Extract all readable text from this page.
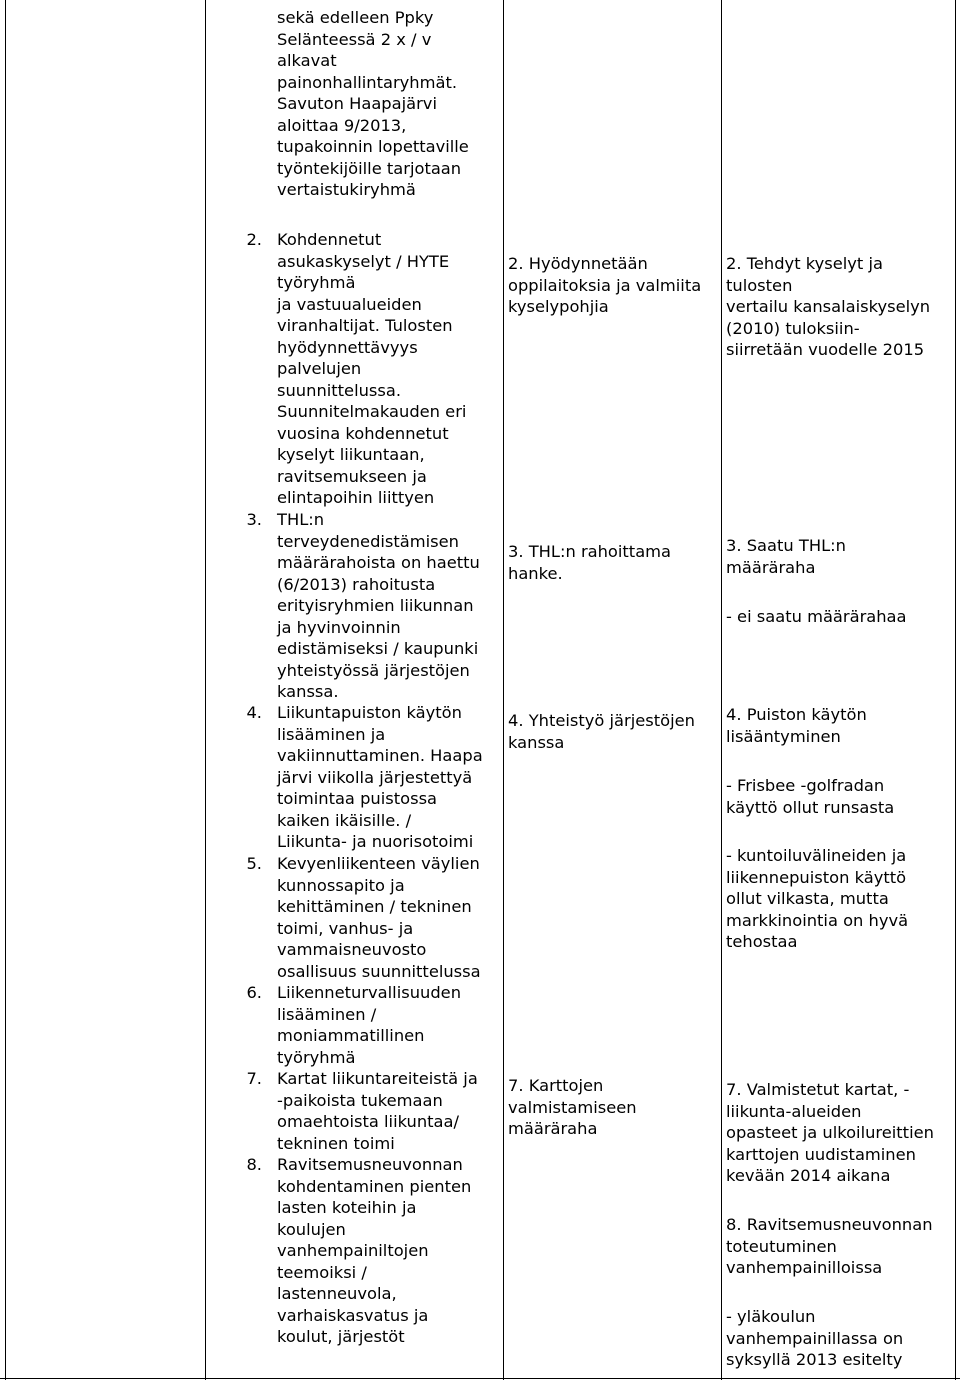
sekä edelleen Ppky
Selänteessä 2 x / v
alkavat
painonhallintaryhmät.
Savuton Haapajärvi
aloittaa 9/2013,
tupakoinnin lopettaville
työntekijöille tarjotaan
vertaistukiryhmä
2. Kohdennetut
asukaskyselyt / HYTE
työryhmä
ja vastuualueiden
viranhaltijat. Tulosten
hyödynnettävyys
palvelujen
suunnittelussa.
Suunnitelmakauden eri
vuosina kohdennetut
kyselyt liikuntaan,
ravitsemukseen ja
elintapoihin liittyen
3. THL:n
terveydenedistämisen
määrärahoista on haettu
(6/2013) rahoitusta
erityisryhmien liikunnan
ja hyvinvoinnin
edistämiseksi / kaupunki
yhteistyössä järjestöjen
kanssa.
4. Liikuntapuiston käytön
lisääminen ja
vakiinnuttaminen. Haapa
järvi viikolla järjestettyä
toimintaa puistossa
kaiken ikäisille. /
Liikunta- ja nuorisotoimi
5. Kevyenliikenteen väylien
kunnossapito ja
kehittäminen / tekninen
toimi, vanhus- ja
vammaisneuvosto
osallisuus suunnittelussa
6. Liikenneturvallisuuden
lisääminen /
moniammatillinen
työryhmä
7. Kartat liikuntareiteistä ja
-paikoista tukemaan
omaehtoista liikuntaa/
tekninen toimi
8. Ravitsemusneuvonnan
kohdentaminen pienten
lasten koteihin ja
koulujen
vanhempainiltojen
teemoiksi /
lastenneuvola,
varhaiskasvatus ja
koulut, järjestöt
2. Hyödynnetään
oppilaitoksia ja valmiita
kyselypohjia
3. THL:n rahoittama
hanke.
4. Yhteistyö järjestöjen
kanssa
7. Karttojen
valmistamiseen
määräraha
2. Tehdyt kyselyt ja
tulosten
vertailu kansalaiskyselyn
(2010) tuloksiin-
siirretään vuodelle 2015
3. Saatu THL:n
määräraha
- ei saatu määrärahaa
4. Puiston käytön
lisääntyminen
- Frisbee -golfradan
käyttö ollut runsasta
- kuntoiluvälineiden ja
liikennepuiston käyttö
ollut vilkasta, mutta
markkinointia on hyvä
tehostaa
7. Valmistetut kartat, -
liikunta-alueiden
opasteet ja ulkoilureittien
karttojen uudistaminen
kevään 2014 aikana
8. Ravitsemusneuvonnan
toteutuminen
vanhempainilloissa
- yläkoulun
vanhempainillassa on
syksyllä 2013 esitelty
